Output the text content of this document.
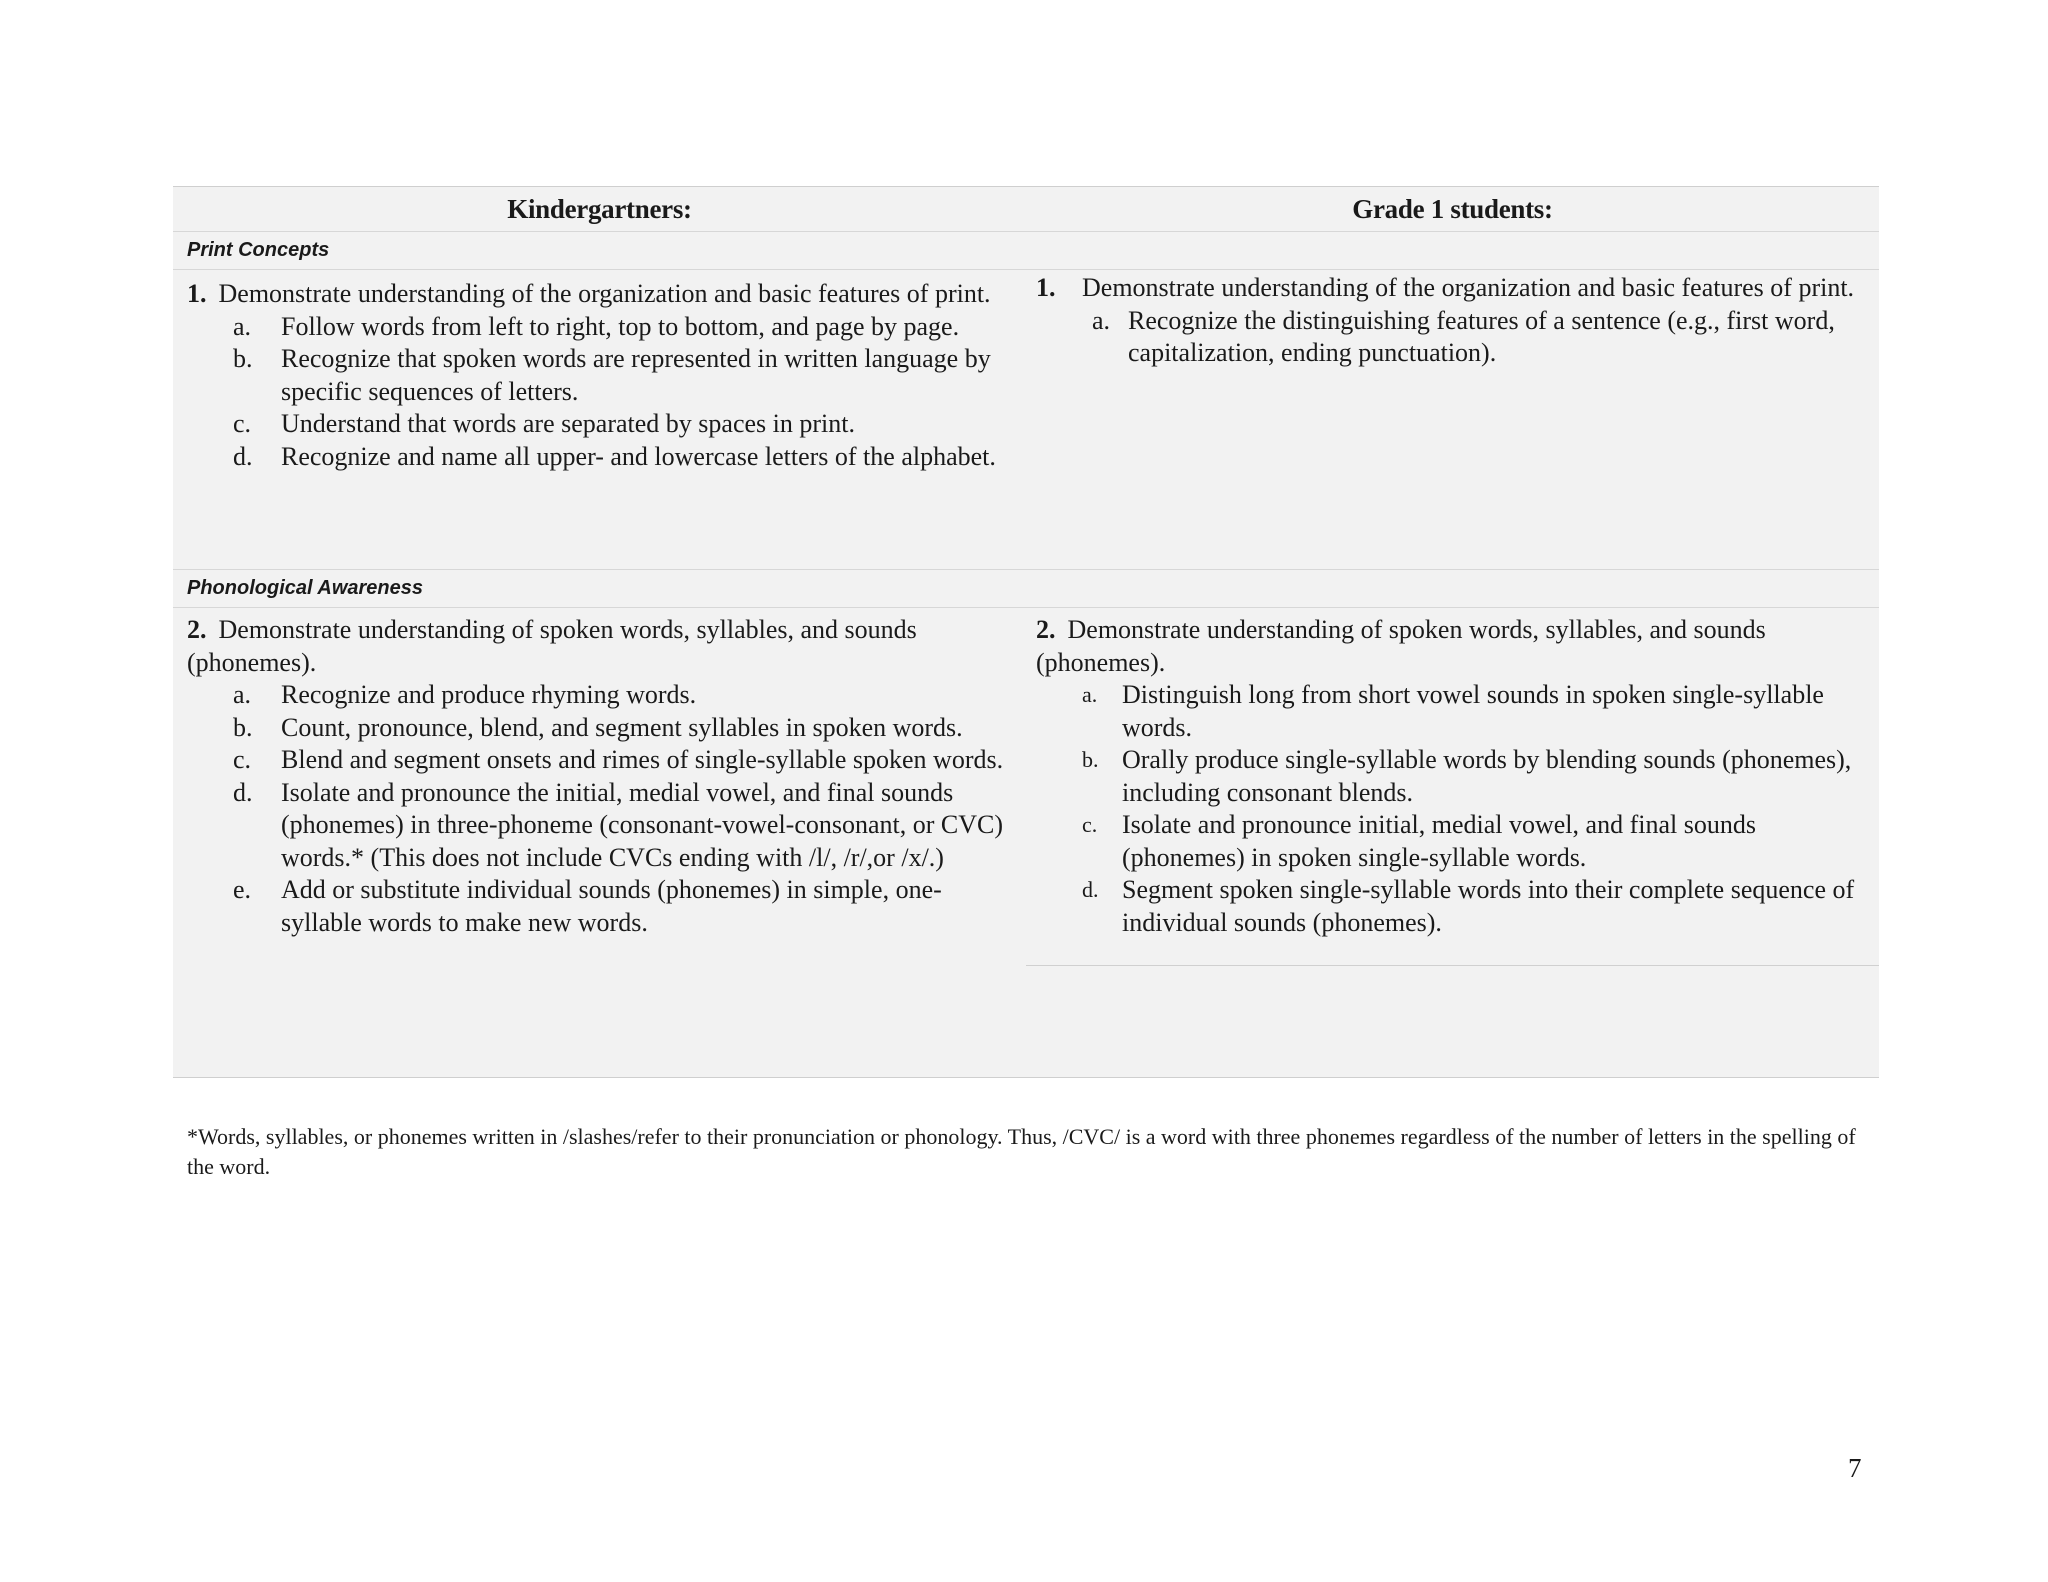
Kindergartners:	Grade 1 students:
Print Concepts

1. Demonstrate understanding of the organization and basic features of print.

a. Follow words from left to right, top to bottom, and page by page.
b. Recognize that spoken words are represented in written language by specific sequences of letters.
c. Understand that words are separated by spaces in print.
d. Recognize and name all upper- and lowercase letters of the alphabet.

1. Demonstrate understanding of the organization and basic features of print.

a. Recognize the distinguishing features of a sentence (e.g., first word, capitalization, ending punctuation).
Phonological Awareness

2. Demonstrate understanding of spoken words, syllables, and sounds (phonemes).

a. Recognize and produce rhyming words.
b. Count, pronounce, blend, and segment syllables in spoken words.
c. Blend and segment onsets and rimes of single-syllable spoken words.
d. Isolate and pronounce the initial, medial vowel, and final sounds (phonemes) in three-phoneme (consonant-vowel-consonant, or CVC) words.* (This does not include CVCs ending with /l/, /r/,or /x/.)
e. Add or substitute individual sounds (phonemes) in simple, one-syllable words to make new words.

2. Demonstrate understanding of spoken words, syllables, and sounds (phonemes).

a. Distinguish long from short vowel sounds in spoken single-syllable words.
b. Orally produce single-syllable words by blending sounds (phonemes), including consonant blends.
c. Isolate and pronounce initial, medial vowel, and final sounds (phonemes) in spoken single-syllable words.
d. Segment spoken single-syllable words into their complete sequence of individual sounds (phonemes).
*Words, syllables, or phonemes written in /slashes/refer to their pronunciation or phonology. Thus, /CVC/ is a word with three phonemes regardless of the number of letters in the spelling of the word.
7
